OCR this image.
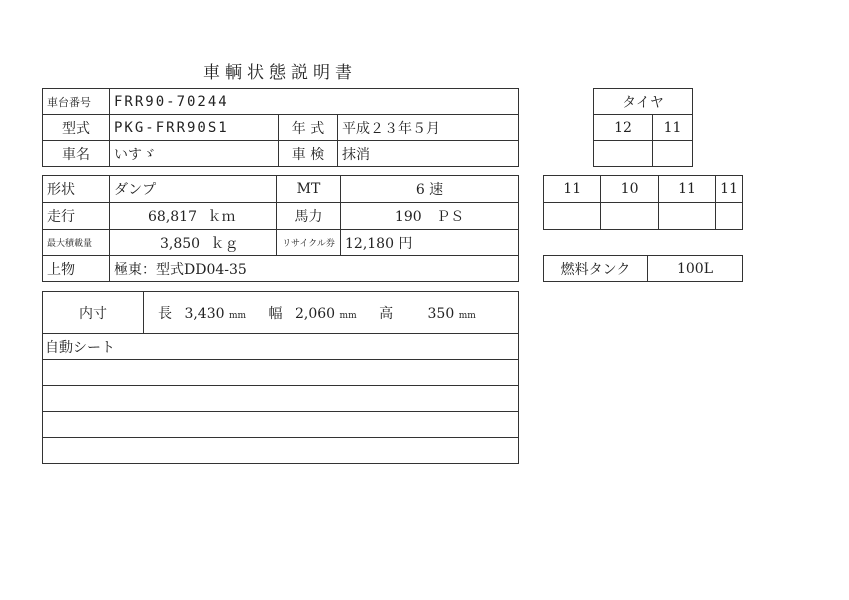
車輌状態説明書
車台番号	FRR90-70244		
型式	PKG-FRR90S1	年 式	平成２３年５月
車名	いすゞ	車 検	抹消
形状	ダンプ	MT	6 速
走行	68,817 ｋｍ	馬力	190 ＰＳ
最大積載量	3,850 ｋｇ	リサイクル券	12,180 円
上物	極東：型式DD04-35		
内寸	長 3,430 mm 幅 2,060 mm 高 350 mm
自動シート

タイヤ	
12	11

11	10	11	11

燃料タンク	100L
